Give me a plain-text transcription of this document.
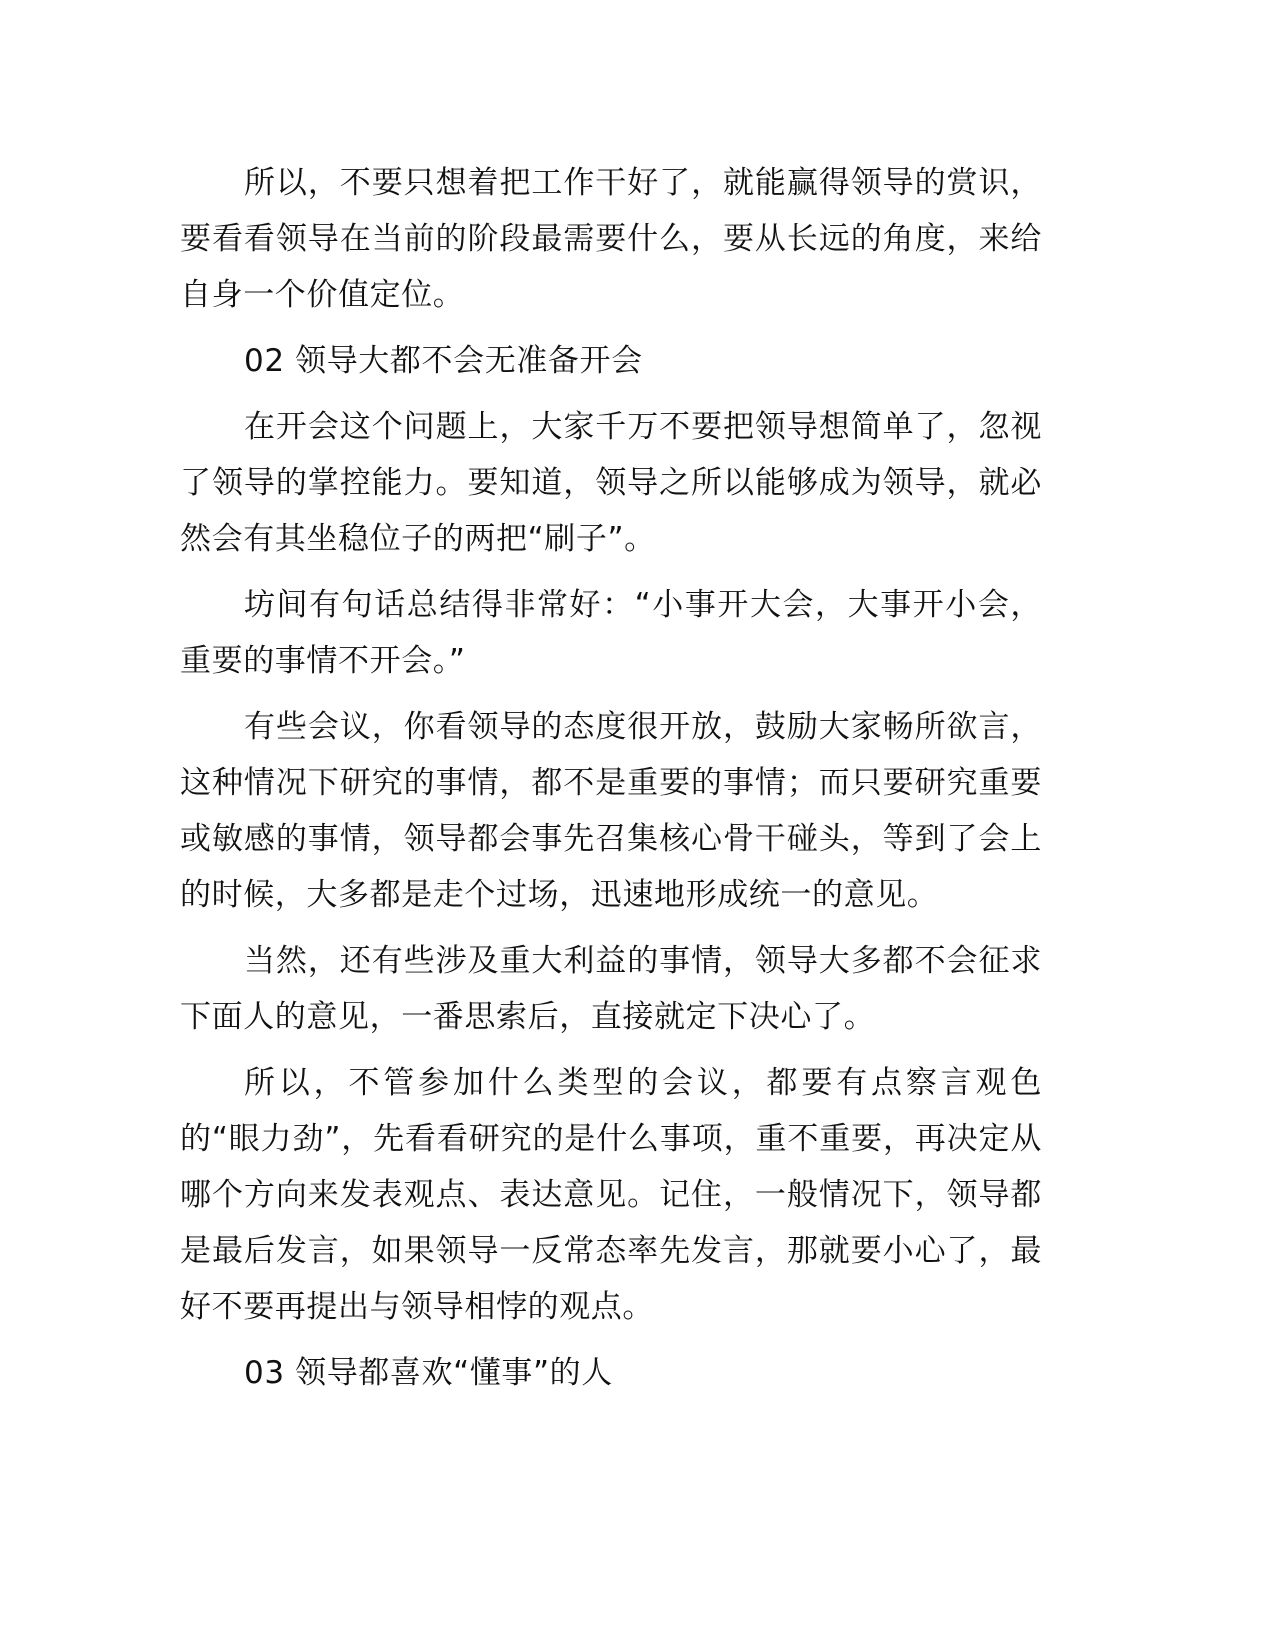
所以，不要只想着把工作干好了，就能赢得领导的赏识，要看看领导在当前的阶段最需要什么，要从长远的角度，来给自身一个价值定位。

02 领导大都不会无准备开会

在开会这个问题上，大家千万不要把领导想简单了，忽视了领导的掌控能力。要知道，领导之所以能够成为领导，就必然会有其坐稳位子的两把“刷子”。

坊间有句话总结得非常好：“小事开大会，大事开小会，重要的事情不开会。”

有些会议，你看领导的态度很开放，鼓励大家畅所欲言，这种情况下研究的事情，都不是重要的事情；而只要研究重要或敏感的事情，领导都会事先召集核心骨干碰头，等到了会上的时候，大多都是走个过场，迅速地形成统一的意见。

当然，还有些涉及重大利益的事情，领导大多都不会征求下面人的意见，一番思索后，直接就定下决心了。

所以，不管参加什么类型的会议，都要有点察言观色的“眼力劲”，先看看研究的是什么事项，重不重要，再决定从哪个方向来发表观点、表达意见。记住，一般情况下，领导都是最后发言，如果领导一反常态率先发言，那就要小心了，最好不要再提出与领导相悖的观点。

03 领导都喜欢“懂事”的人
